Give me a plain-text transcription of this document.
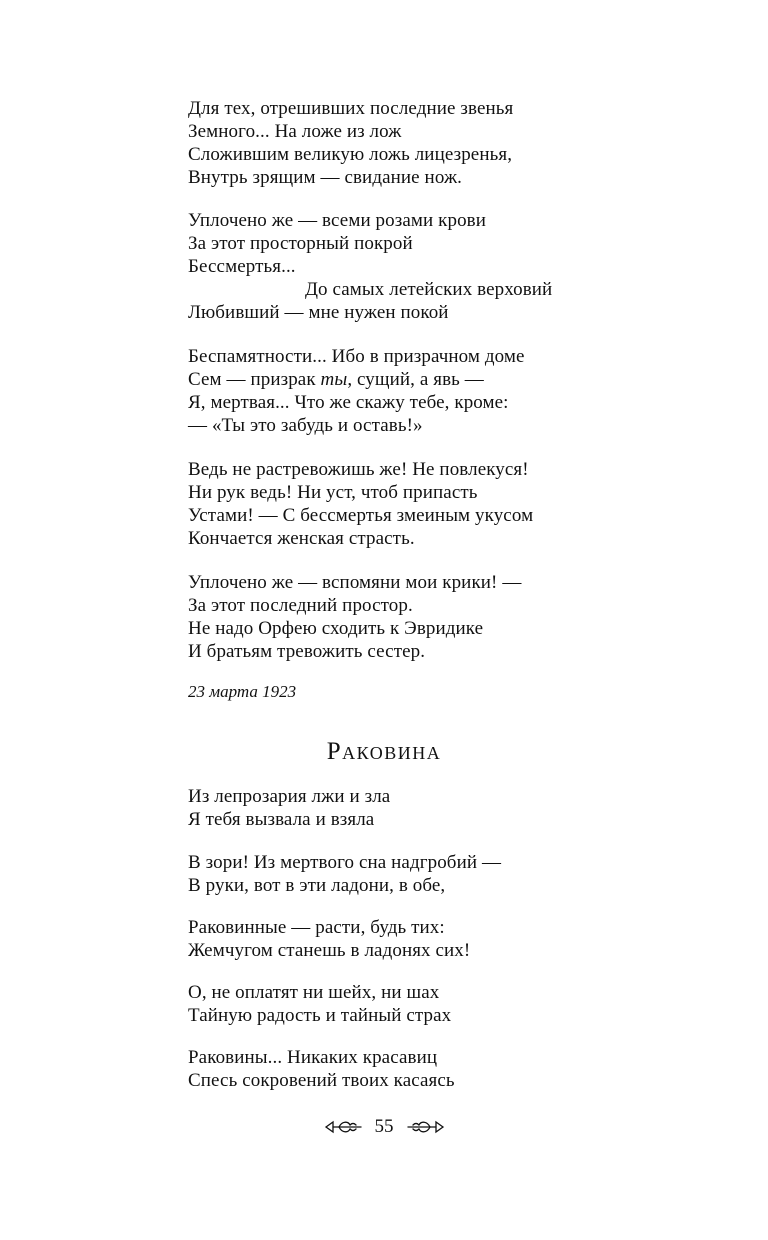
Для тех, отрешивших последние звенья
Земного... На ложе из лож
Сложившим великую ложь лицезренья,
Внутрь зрящим — свидание нож.
Уплочено же — всеми розами крови
За этот просторный покрой
Бессмертья...
До самых летейских верховий
Любивший — мне нужен покой
Беспамятности... Ибо в призрачном доме
Сем — призрак ты, сущий, а явь —
Я, мертвая... Что же скажу тебе, кроме:
— «Ты это забудь и оставь!»
Ведь не растревожишь же! Не повлекуся!
Ни рук ведь! Ни уст, чтоб припасть
Устами! — С бессмертья змеиным укусом
Кончается женская страсть.
Уплочено же — вспомяни мои крики! —
За этот последний простор.
Не надо Орфею сходить к Эвридике
И братьям тревожить сестер.
23 марта 1923
Раковина
Из лепрозария лжи и зла
Я тебя вызвала и взяла
В зори! Из мертвого сна надгробий —
В руки, вот в эти ладони, в обе,
Раковинные — расти, будь тих:
Жемчугом станешь в ладонях сих!
О, не оплатят ни шейх, ни шах
Тайную радость и тайный страх
Раковины... Никаких красавиц
Спесь сокровений твоих касаясь
55
